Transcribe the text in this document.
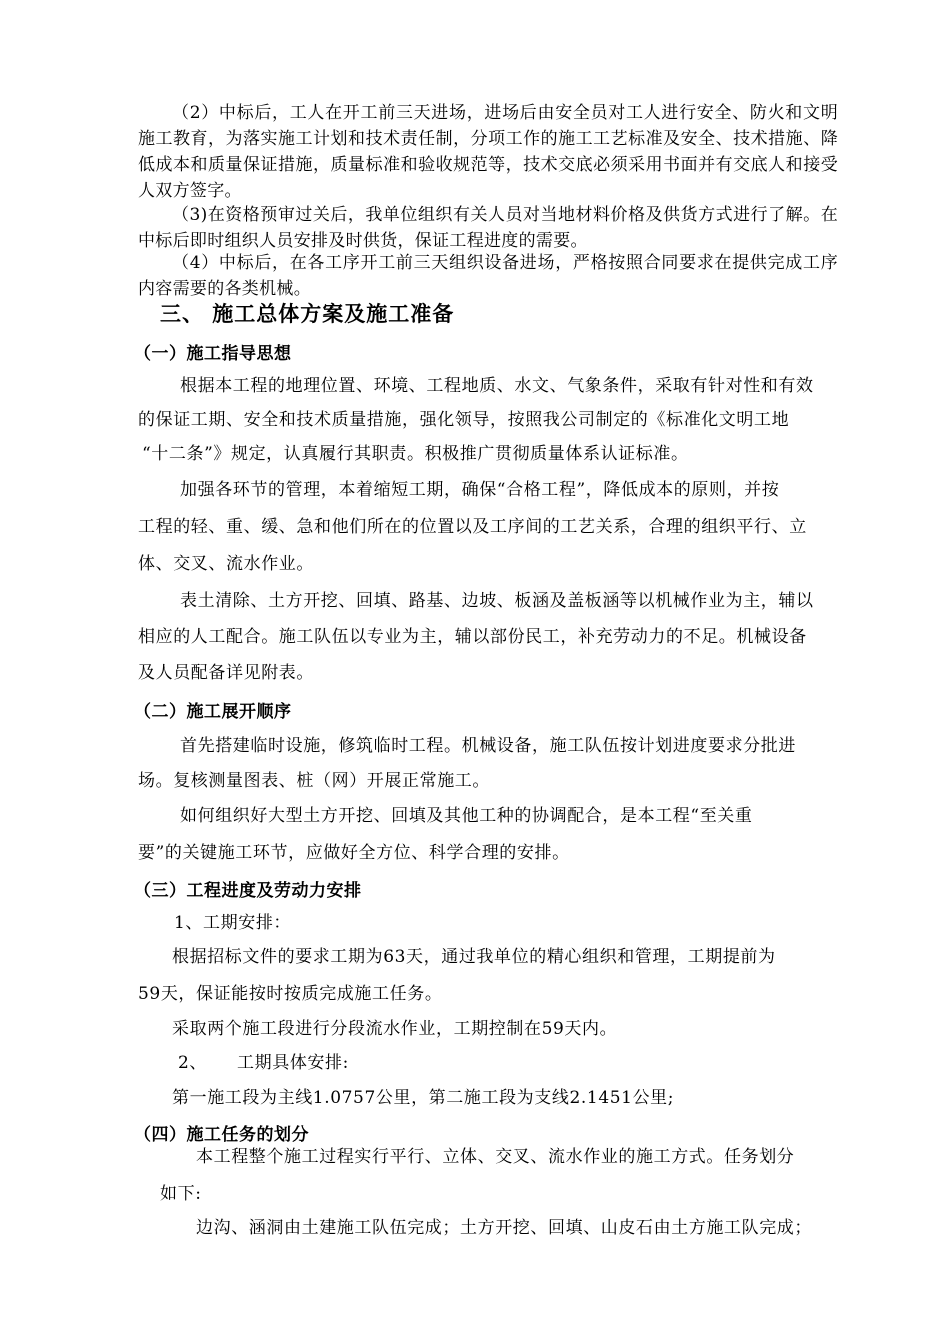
（2）中标后，工人在开工前三天进场，进场后由安全员对工人进行安全、防火和文明施工教育，为落实施工计划和技术责任制，分项工作的施工工艺标准及安全、技术措施、降低成本和质量保证措施，质量标准和验收规范等，技术交底必须采用书面并有交底人和接受人双方签字。
（3)在资格预审过关后，我单位组织有关人员对当地材料价格及供货方式进行了解。在中标后即时组织人员安排及时供货，保证工程进度的需要。
（4）中标后，在各工序开工前三天组织设备进场，严格按照合同要求在提供完成工序内容需要的各类机械。
三、 施工总体方案及施工准备
（一）施工指导思想
根据本工程的地理位置、环境、工程地质、水文、气象条件，采取有针对性和有效
的保证工期、安全和技术质量措施，强化领导，按照我公司制定的《标准化文明工地
“十二条”》规定，认真履行其职责。积极推广贯彻质量体系认证标准。
加强各环节的管理，本着缩短工期，确保“合格工程”，降低成本的原则，并按
工程的轻、重、缓、急和他们所在的位置以及工序间的工艺关系，合理的组织平行、立
体、交叉、流水作业。
表土清除、土方开挖、回填、路基、边坡、板涵及盖板涵等以机械作业为主，辅以
相应的人工配合。施工队伍以专业为主，辅以部份民工，补充劳动力的不足。机械设备
及人员配备详见附表。
（二）施工展开顺序
首先搭建临时设施，修筑临时工程。机械设备，施工队伍按计划进度要求分批进
场。复核测量图表、桩（网）开展正常施工。
如何组织好大型土方开挖、回填及其他工种的协调配合，是本工程“至关重
要”的关键施工环节，应做好全方位、科学合理的安排。
（三）工程进度及劳动力安排
1、工期安排：
根据招标文件的要求工期为63天，通过我单位的精心组织和管理，工期提前为
59天，保证能按时按质完成施工任务。
采取两个施工段进行分段流水作业，工期控制在59天内。
2、     工期具体安排:
第一施工段为主线1.0757公里，第二施工段为支线2.1451公里;
（四）施工任务的划分
本工程整个施工过程实行平行、立体、交叉、流水作业的施工方式。任务划分
如下:
边沟、涵洞由土建施工队伍完成；土方开挖、回填、山皮石由土方施工队完成；
